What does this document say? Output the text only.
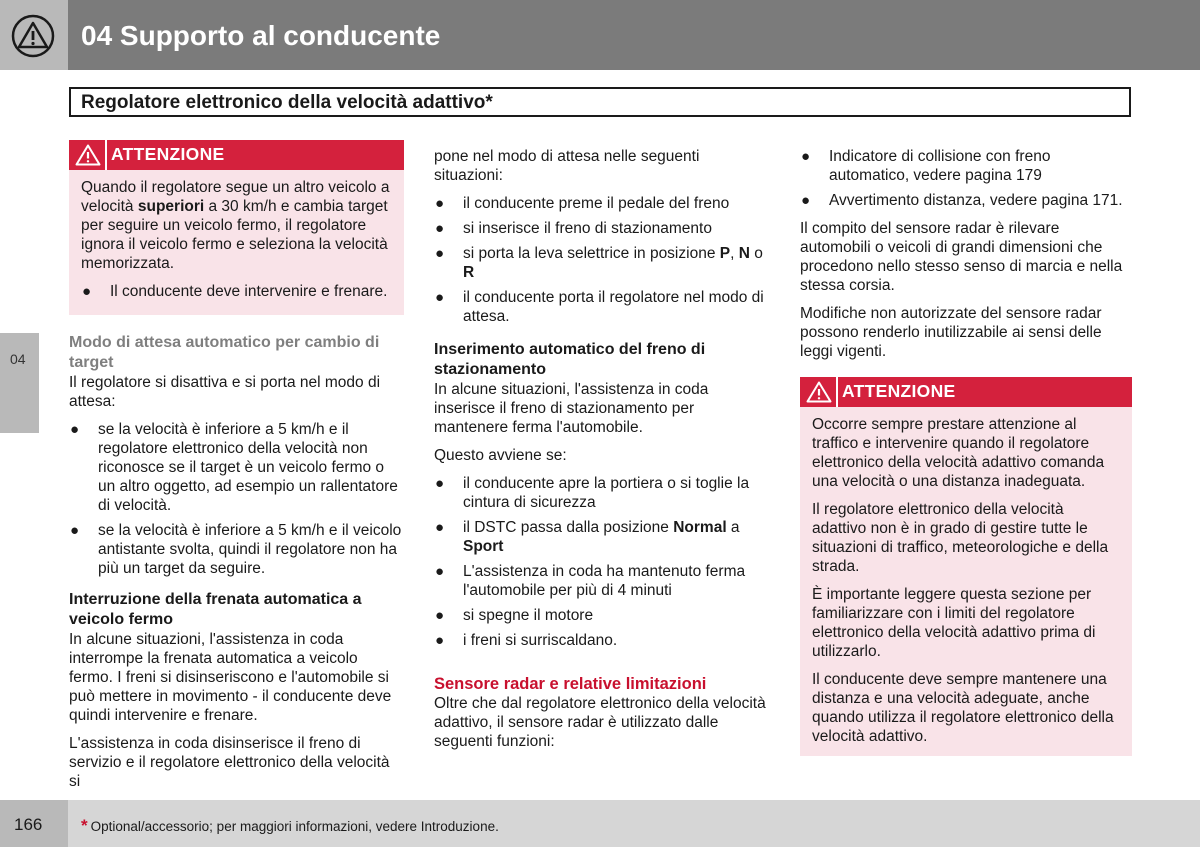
04 Supporto al conducente
Regolatore elettronico della velocità adattivo*
04
ATTENZIONE
Quando il regolatore segue un altro veicolo a velocità superiori a 30 km/h e cambia target per seguire un veicolo fermo, il regolatore ignora il veicolo fermo e seleziona la velocità memorizzata.
● Il conducente deve intervenire e frenare.
Modo di attesa automatico per cambio di target
Il regolatore si disattiva e si porta nel modo di attesa:
● se la velocità è inferiore a 5 km/h e il regolatore elettronico della velocità non riconosce se il target è un veicolo fermo o un altro oggetto, ad esempio un rallentatore di velocità.
● se la velocità è inferiore a 5 km/h e il veicolo antistante svolta, quindi il regolatore non ha più un target da seguire.
Interruzione della frenata automatica a veicolo fermo
In alcune situazioni, l'assistenza in coda interrompe la frenata automatica a veicolo fermo. I freni si disinseriscono e l'automobile si può mettere in movimento - il conducente deve quindi intervenire e frenare.
L'assistenza in coda disinserisce il freno di servizio e il regolatore elettronico della velocità si
pone nel modo di attesa nelle seguenti situazioni:
● il conducente preme il pedale del freno
● si inserisce il freno di stazionamento
● si porta la leva selettrice in posizione P, N o R
● il conducente porta il regolatore nel modo di attesa.
Inserimento automatico del freno di stazionamento
In alcune situazioni, l'assistenza in coda inserisce il freno di stazionamento per mantenere ferma l'automobile.
Questo avviene se:
● il conducente apre la portiera o si toglie la cintura di sicurezza
● il DSTC passa dalla posizione Normal a Sport
● L'assistenza in coda ha mantenuto ferma l'automobile per più di 4 minuti
● si spegne il motore
● i freni si surriscaldano.
Sensore radar e relative limitazioni
Oltre che dal regolatore elettronico della velocità adattivo, il sensore radar è utilizzato dalle seguenti funzioni:
● Indicatore di collisione con freno automatico, vedere pagina 179
● Avvertimento distanza, vedere pagina 171.
Il compito del sensore radar è rilevare automobili o veicoli di grandi dimensioni che procedono nello stesso senso di marcia e nella stessa corsia.
Modifiche non autorizzate del sensore radar possono renderlo inutilizzabile ai sensi delle leggi vigenti.
ATTENZIONE
Occorre sempre prestare attenzione al traffico e intervenire quando il regolatore elettronico della velocità adattivo comanda una velocità o una distanza inadeguata.
Il regolatore elettronico della velocità adattivo non è in grado di gestire tutte le situazioni di traffico, meteorologiche e della strada.
È importante leggere questa sezione per familiarizzare con i limiti del regolatore elettronico della velocità adattivo prima di utilizzarlo.
Il conducente deve sempre mantenere una distanza e una velocità adeguate, anche quando utilizza il regolatore elettronico della velocità adattivo.
166 * Optional/accessorio; per maggiori informazioni, vedere Introduzione.
